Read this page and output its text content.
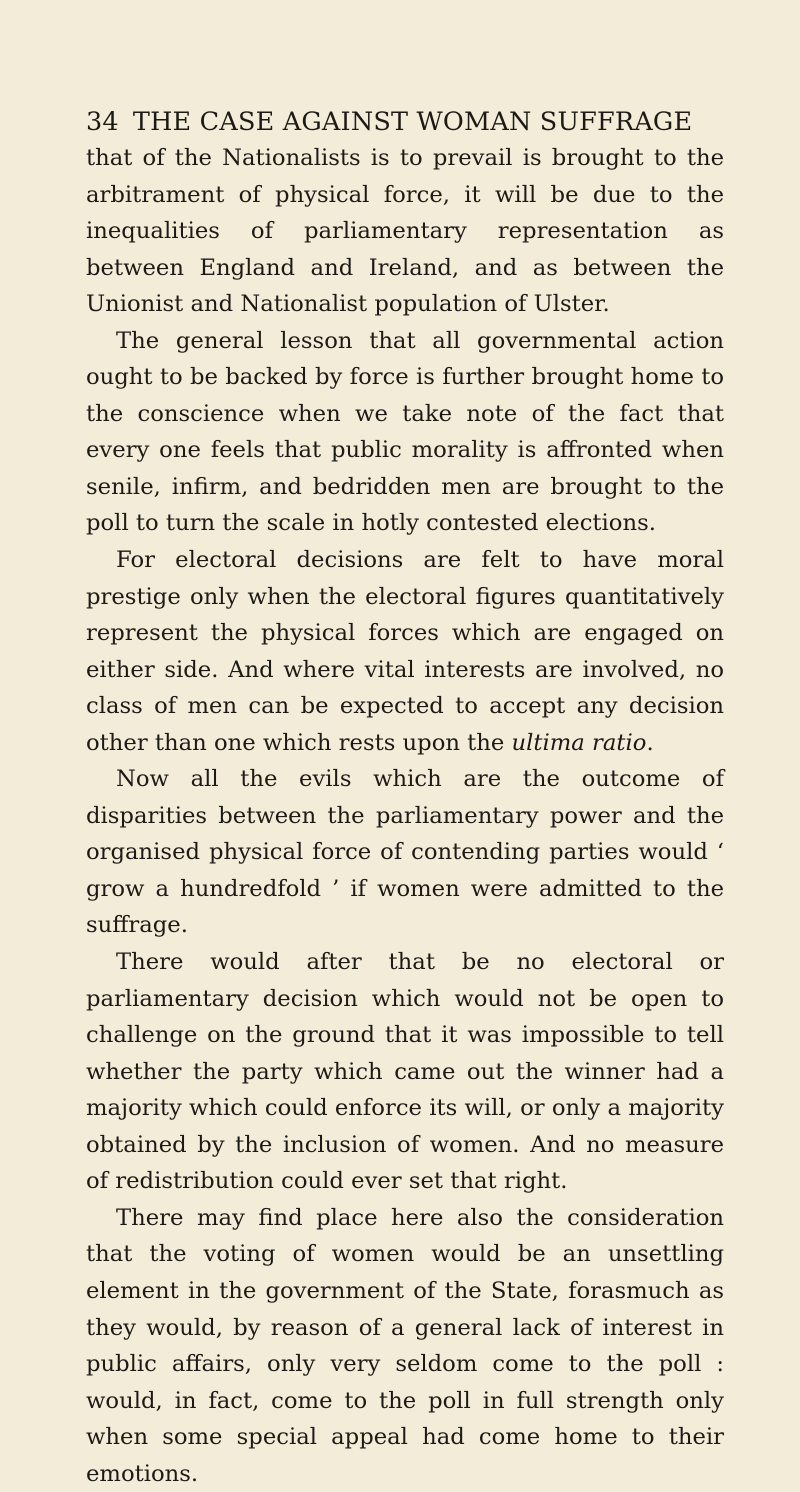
34 THE CASE AGAINST WOMAN SUFFRAGE

that of the Nationalists is to prevail is brought to the arbitrament of physical force, it will be due to the inequalities of parliamentary representation as between England and Ireland, and as between the Unionist and Nationalist population of Ulster.

The general lesson that all governmental action ought to be backed by force is further brought home to the conscience when we take note of the fact that every one feels that public morality is affronted when senile, infirm, and bedridden men are brought to the poll to turn the scale in hotly contested elections.

For electoral decisions are felt to have moral prestige only when the electoral figures quantitatively represent the physical forces which are engaged on either side. And where vital interests are involved, no class of men can be expected to accept any decision other than one which rests upon the ultima ratio.

Now all the evils which are the outcome of disparities between the parliamentary power and the organised physical force of contending parties would ‘ grow a hundredfold ’ if women were admitted to the suffrage.

There would after that be no electoral or parliamentary decision which would not be open to challenge on the ground that it was impossible to tell whether the party which came out the winner had a majority which could enforce its will, or only a majority obtained by the inclusion of women. And no measure of redistribution could ever set that right.

There may find place here also the consideration that the voting of women would be an unsettling element in the government of the State, forasmuch as they would, by reason of a general lack of interest in public affairs, only very seldom come to the poll : would, in fact, come to the poll in full strength only when some special appeal had come home to their emotions.
